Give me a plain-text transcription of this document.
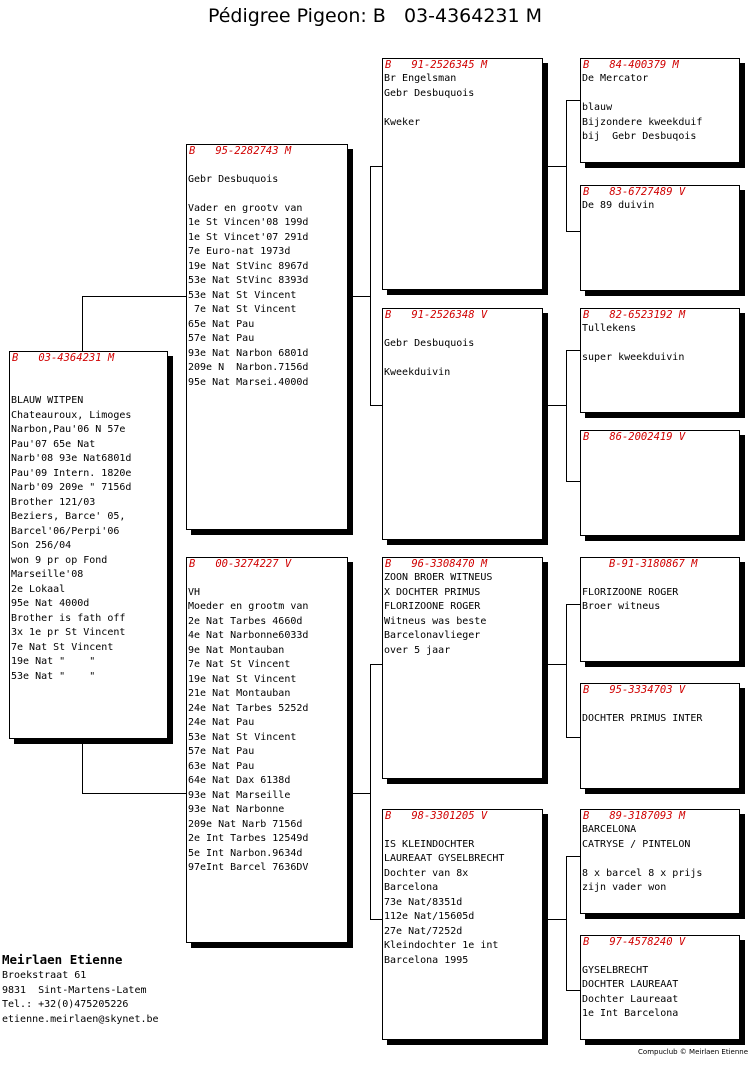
Pédigree Pigeon: B   03-4364231 M
B 03-4364231 M

BLAUW WITPEN
Chateauroux, Limoges
Narbon,Pau'06 N 57e
Pau'07 65e Nat
Narb'08 93e Nat6801d
Pau'09 Intern. 1820e
Narb'09 209e " 7156d
Brother 121/03
Beziers, Barce' 05,
Barcel'06/Perpi'06
Son 256/04
won 9 pr op Fond
Marseille'08
2e Lokaal
95e Nat 4000d
Brother is fath off
3x 1e pr St Vincent
7e Nat St Vincent
19e Nat "    "
53e Nat "    "
B 95-2282743 M

Gebr Desbuquois

Vader en grootv van
1e St Vincen'08 199d
1e St Vincet'07 291d
7e Euro-nat 1973d
19e Nat StVinc 8967d
53e Nat StVinc 8393d
53e Nat St Vincent
7e Nat St Vincent
65e Nat Pau
57e Nat Pau
93e Nat Narbon 6801d
209e N  Narbon.7156d
95e Nat Marsei.4000d
B 00-3274227 V

VH
Moeder en grootm van
2e Nat Tarbes 4660d
4e Nat Narbonne6033d
9e Nat Montauban
7e Nat St Vincent
19e Nat St Vincent
21e Nat Montauban
24e Nat Tarbes 5252d
24e Nat Pau
53e Nat St Vincent
57e Nat Pau
63e Nat Pau
64e Nat Dax 6138d
93e Nat Marseille
93e Nat Narbonne
209e Nat Narb 7156d
2e Int Tarbes 12549d
5e Int Narbon.9634d
97eInt Barcel 7636DV
B 91-2526345 M
Br Engelsman
Gebr Desbuquois

Kweker
B 91-2526348 V

Gebr Desbuquois

Kweekduivin
B 96-3308470 M
ZOON BROER WITNEUS
X DOCHTER PRIMUS
FLORIZOONE ROGER
Witneus was beste
Barcelonavlieger
over 5 jaar
B 98-3301205 V

IS KLEINDOCHTER
LAUREAAT GYSELBRECHT
Dochter van 8x
Barcelona
73e Nat/8351d
112e Nat/15605d
27e Nat/7252d
Kleindochter 1e int
Barcelona 1995
B 84-400379 M
De Mercator

blauw
Bijzondere kweekduif
bij  Gebr Desbuqois
B 83-6727489 V
De 89 duivin
B 82-6523192 M
Tullekens

super kweekduivin
B 86-2002419 V
B-91-3180867 M

FLORIZOONE ROGER
Broer witneus
B 95-3334703 V

DOCHTER PRIMUS INTER
B 89-3187093 M
BARCELONA
CATRYSE / PINTELON

8 x barcel 8 x prijs
zijn vader won
B 97-4578240 V

GYSELBRECHT
DOCHTER LAUREAAT
Dochter Laureaat
1e Int Barcelona
Meirlaen Etienne
Broekstraat 61
9831  Sint-Martens-Latem
Tel.: +32(0)475205226
etienne.meirlaen@skynet.be
Compuclub © Meirlaen Etienne
